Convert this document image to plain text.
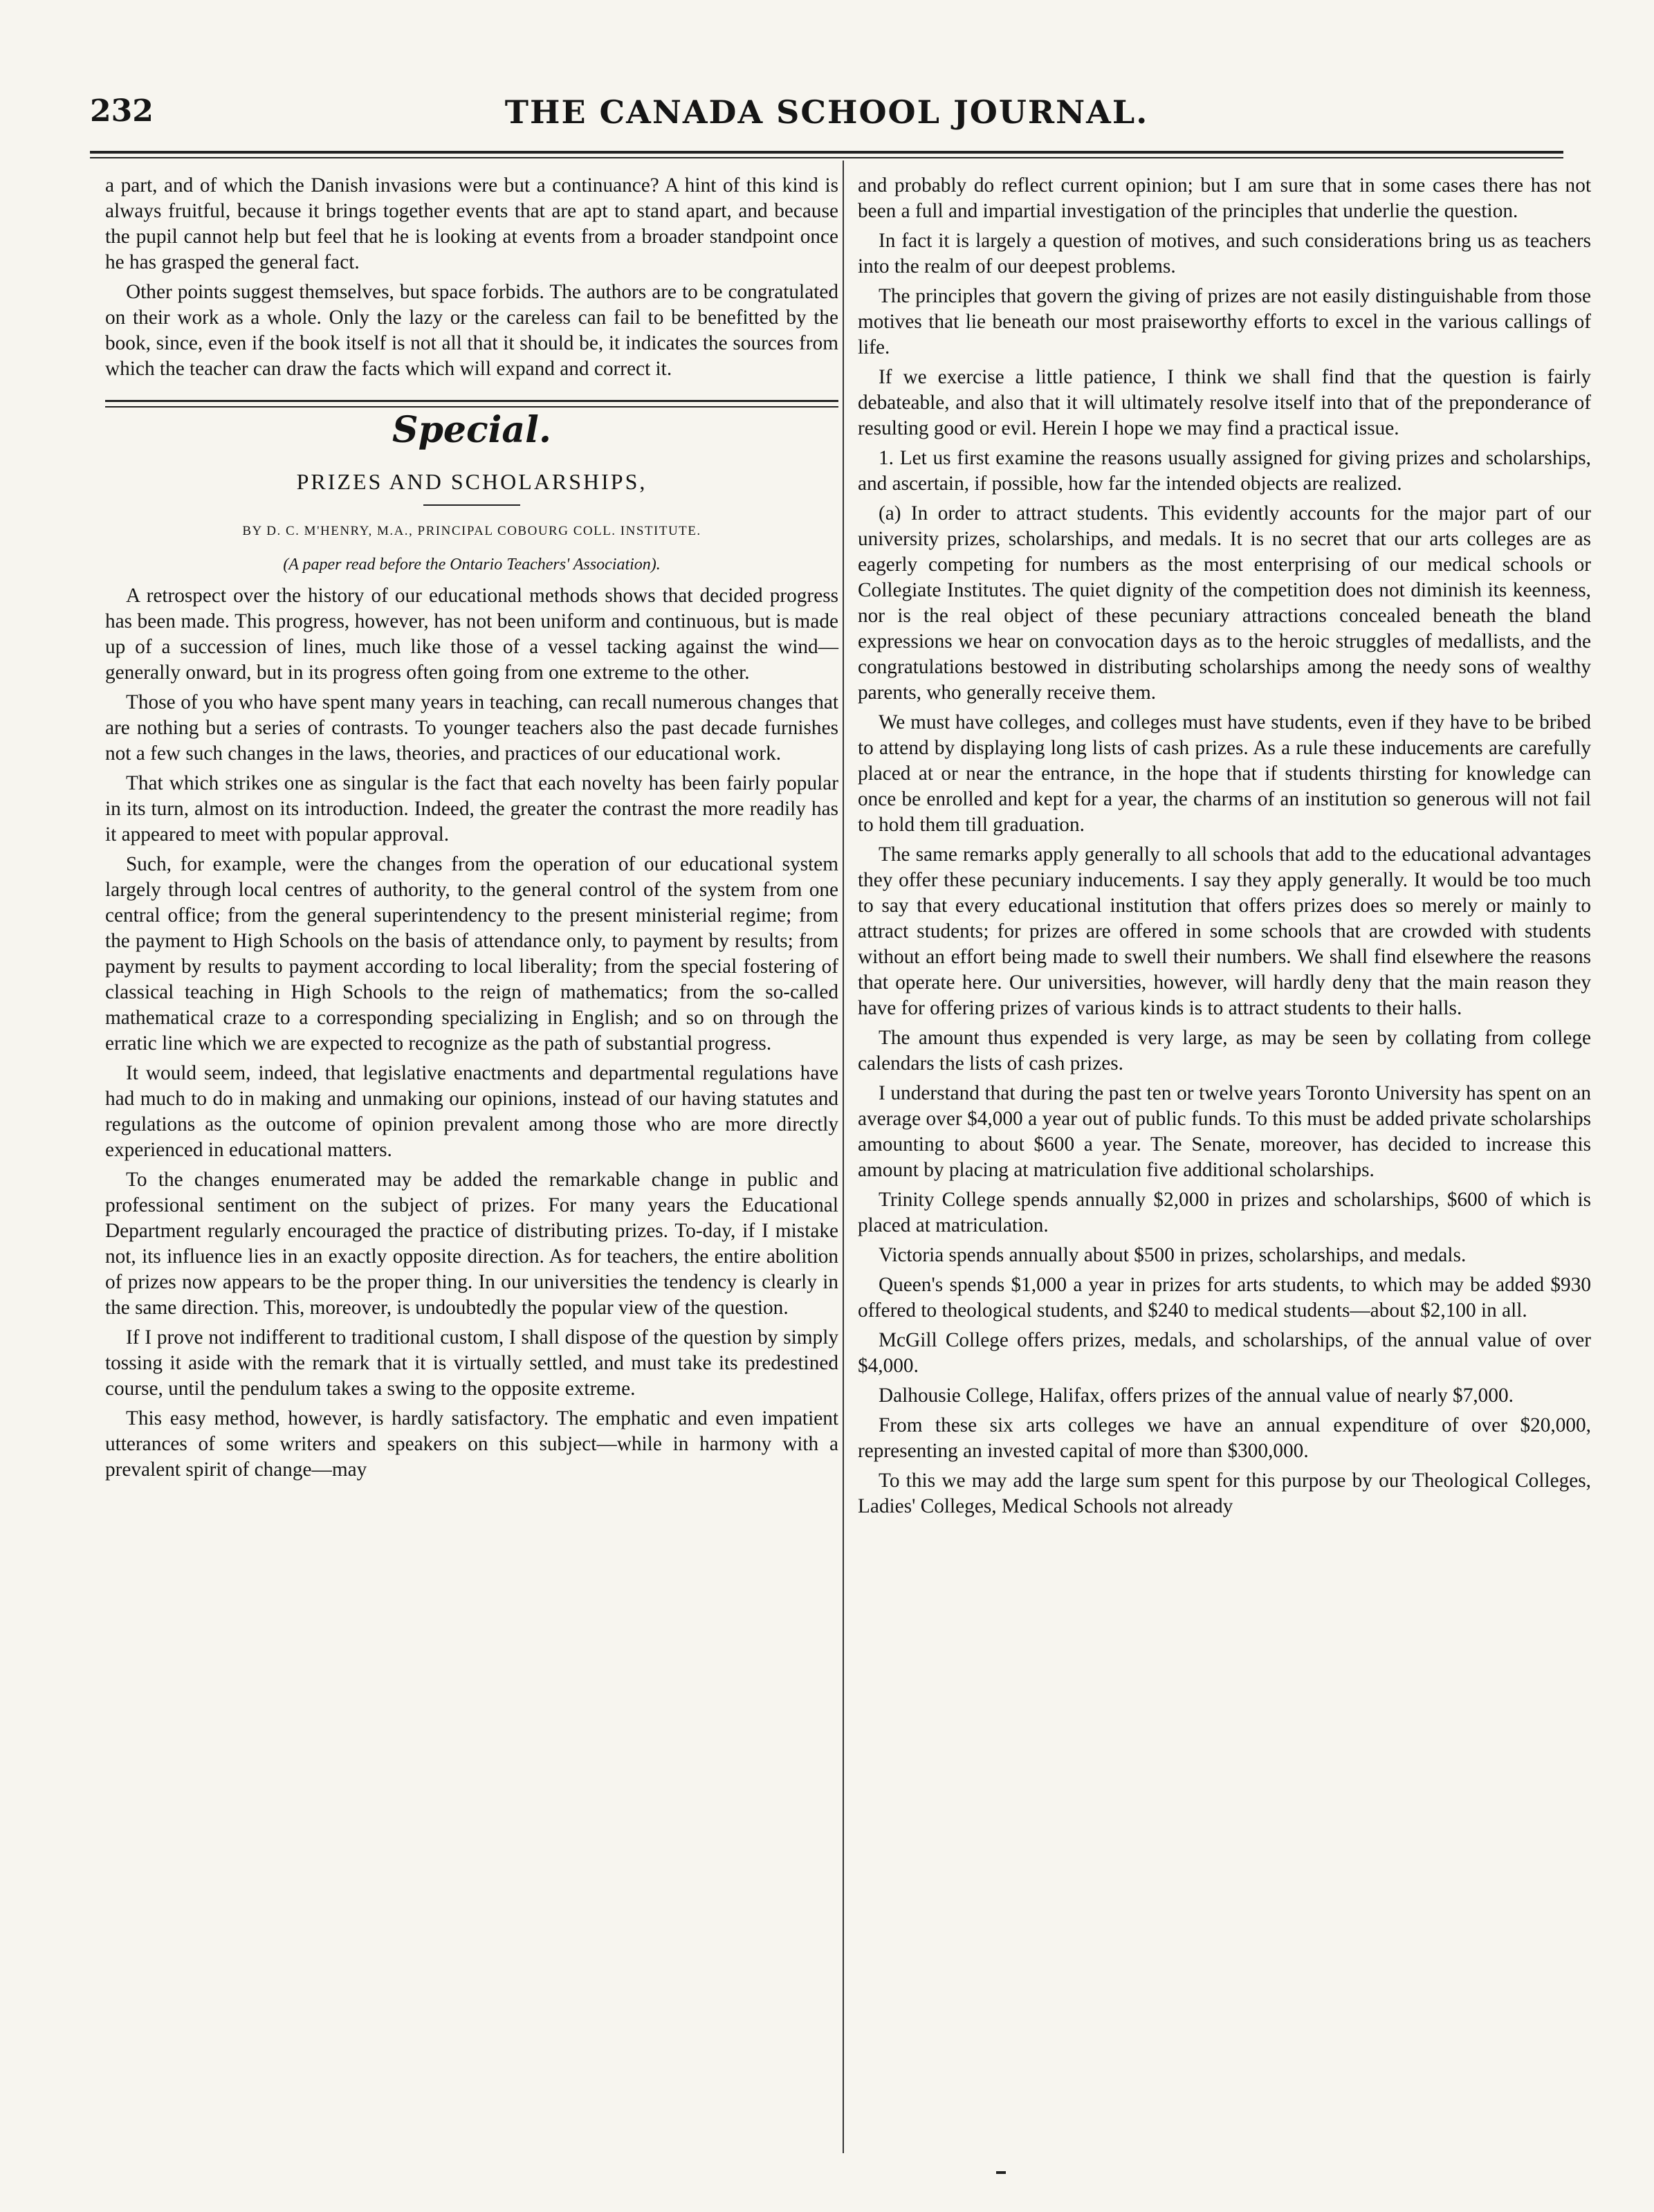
232	THE CANADA SCHOOL JOURNAL.

a part, and of which the Danish invasions were but a continuance? A hint of this kind is always fruitful, because it brings together events that are apt to stand apart, and because the pupil cannot help but feel that he is looking at events from a broader standpoint once he has grasped the general fact.

Other points suggest themselves, but space forbids. The authors are to be congratulated on their work as a whole. Only the lazy or the careless can fail to be benefitted by the book, since, even if the book itself is not all that it should be, it indicates the sources from which the teacher can draw the facts which will expand and correct it.

Special.
PRIZES AND SCHOLARSHIPS,
BY D. C. M'HENRY, M.A., PRINCIPAL COBOURG COLL. INSTITUTE.
(A paper read before the Ontario Teachers' Association).

A retrospect over the history of our educational methods shows that decided progress has been made. This progress, however, has not been uniform and continuous, but is made up of a succession of lines, much like those of a vessel tacking against the wind—generally onward, but in its progress often going from one extreme to the other.

Those of you who have spent many years in teaching, can recall numerous changes that are nothing but a series of contrasts. To younger teachers also the past decade furnishes not a few such changes in the laws, theories, and practices of our educational work.

That which strikes one as singular is the fact that each novelty has been fairly popular in its turn, almost on its introduction. Indeed, the greater the contrast the more readily has it appeared to meet with popular approval.

Such, for example, were the changes from the operation of our educational system largely through local centres of authority, to the general control of the system from one central office; from the general superintendency to the present ministerial regime; from the payment to High Schools on the basis of attendance only, to payment by results; from payment by results to payment according to local liberality; from the special fostering of classical teaching in High Schools to the reign of mathematics; from the so-called mathematical craze to a corresponding specializing in English; and so on through the erratic line which we are expected to recognize as the path of substantial progress.

It would seem, indeed, that legislative enactments and departmental regulations have had much to do in making and unmaking our opinions, instead of our having statutes and regulations as the outcome of opinion prevalent among those who are more directly experienced in educational matters.

To the changes enumerated may be added the remarkable change in public and professional sentiment on the subject of prizes. For many years the Educational Department regularly encouraged the practice of distributing prizes. To-day, if I mistake not, its influence lies in an exactly opposite direction. As for teachers, the entire abolition of prizes now appears to be the proper thing. In our universities the tendency is clearly in the same direction. This, moreover, is undoubtedly the popular view of the question.

If I prove not indifferent to traditional custom, I shall dispose of the question by simply tossing it aside with the remark that it is virtually settled, and must take its predestined course, until the pendulum takes a swing to the opposite extreme.

This easy method, however, is hardly satisfactory. The emphatic and even impatient utterances of some writers and speakers on this subject—while in harmony with a prevalent spirit of change—may

and probably do reflect current opinion; but I am sure that in some cases there has not been a full and impartial investigation of the principles that underlie the question.

In fact it is largely a question of motives, and such considerations bring us as teachers into the realm of our deepest problems.

The principles that govern the giving of prizes are not easily distinguishable from those motives that lie beneath our most praiseworthy efforts to excel in the various callings of life.

If we exercise a little patience, I think we shall find that the question is fairly debateable, and also that it will ultimately resolve itself into that of the preponderance of resulting good or evil. Herein I hope we may find a practical issue.

1. Let us first examine the reasons usually assigned for giving prizes and scholarships, and ascertain, if possible, how far the intended objects are realized.

(a) In order to attract students. This evidently accounts for the major part of our university prizes, scholarships, and medals. It is no secret that our arts colleges are as eagerly competing for numbers as the most enterprising of our medical schools or Collegiate Institutes. The quiet dignity of the competition does not diminish its keenness, nor is the real object of these pecuniary attractions concealed beneath the bland expressions we hear on convocation days as to the heroic struggles of medallists, and the congratulations bestowed in distributing scholarships among the needy sons of wealthy parents, who generally receive them.

We must have colleges, and colleges must have students, even if they have to be bribed to attend by displaying long lists of cash prizes. As a rule these inducements are carefully placed at or near the entrance, in the hope that if students thirsting for knowledge can once be enrolled and kept for a year, the charms of an institution so generous will not fail to hold them till graduation.

The same remarks apply generally to all schools that add to the educational advantages they offer these pecuniary inducements. I say they apply generally. It would be too much to say that every educational institution that offers prizes does so merely or mainly to attract students; for prizes are offered in some schools that are crowded with students without an effort being made to swell their numbers. We shall find elsewhere the reasons that operate here. Our universities, however, will hardly deny that the main reason they have for offering prizes of various kinds is to attract students to their halls.

The amount thus expended is very large, as may be seen by collating from college calendars the lists of cash prizes.

I understand that during the past ten or twelve years Toronto University has spent on an average over $4,000 a year out of public funds. To this must be added private scholarships amounting to about $600 a year. The Senate, moreover, has decided to increase this amount by placing at matriculation five additional scholarships.

Trinity College spends annually $2,000 in prizes and scholarships, $600 of which is placed at matriculation.

Victoria spends annually about $500 in prizes, scholarships, and medals.

Queen's spends $1,000 a year in prizes for arts students, to which may be added $930 offered to theological students, and $240 to medical students—about $2,100 in all.

McGill College offers prizes, medals, and scholarships, of the annual value of over $4,000.

Dalhousie College, Halifax, offers prizes of the annual value of nearly $7,000.

From these six arts colleges we have an annual expenditure of over $20,000, representing an invested capital of more than $300,000.

To this we may add the large sum spent for this purpose by our Theological Colleges, Ladies' Colleges, Medical Schools not already
